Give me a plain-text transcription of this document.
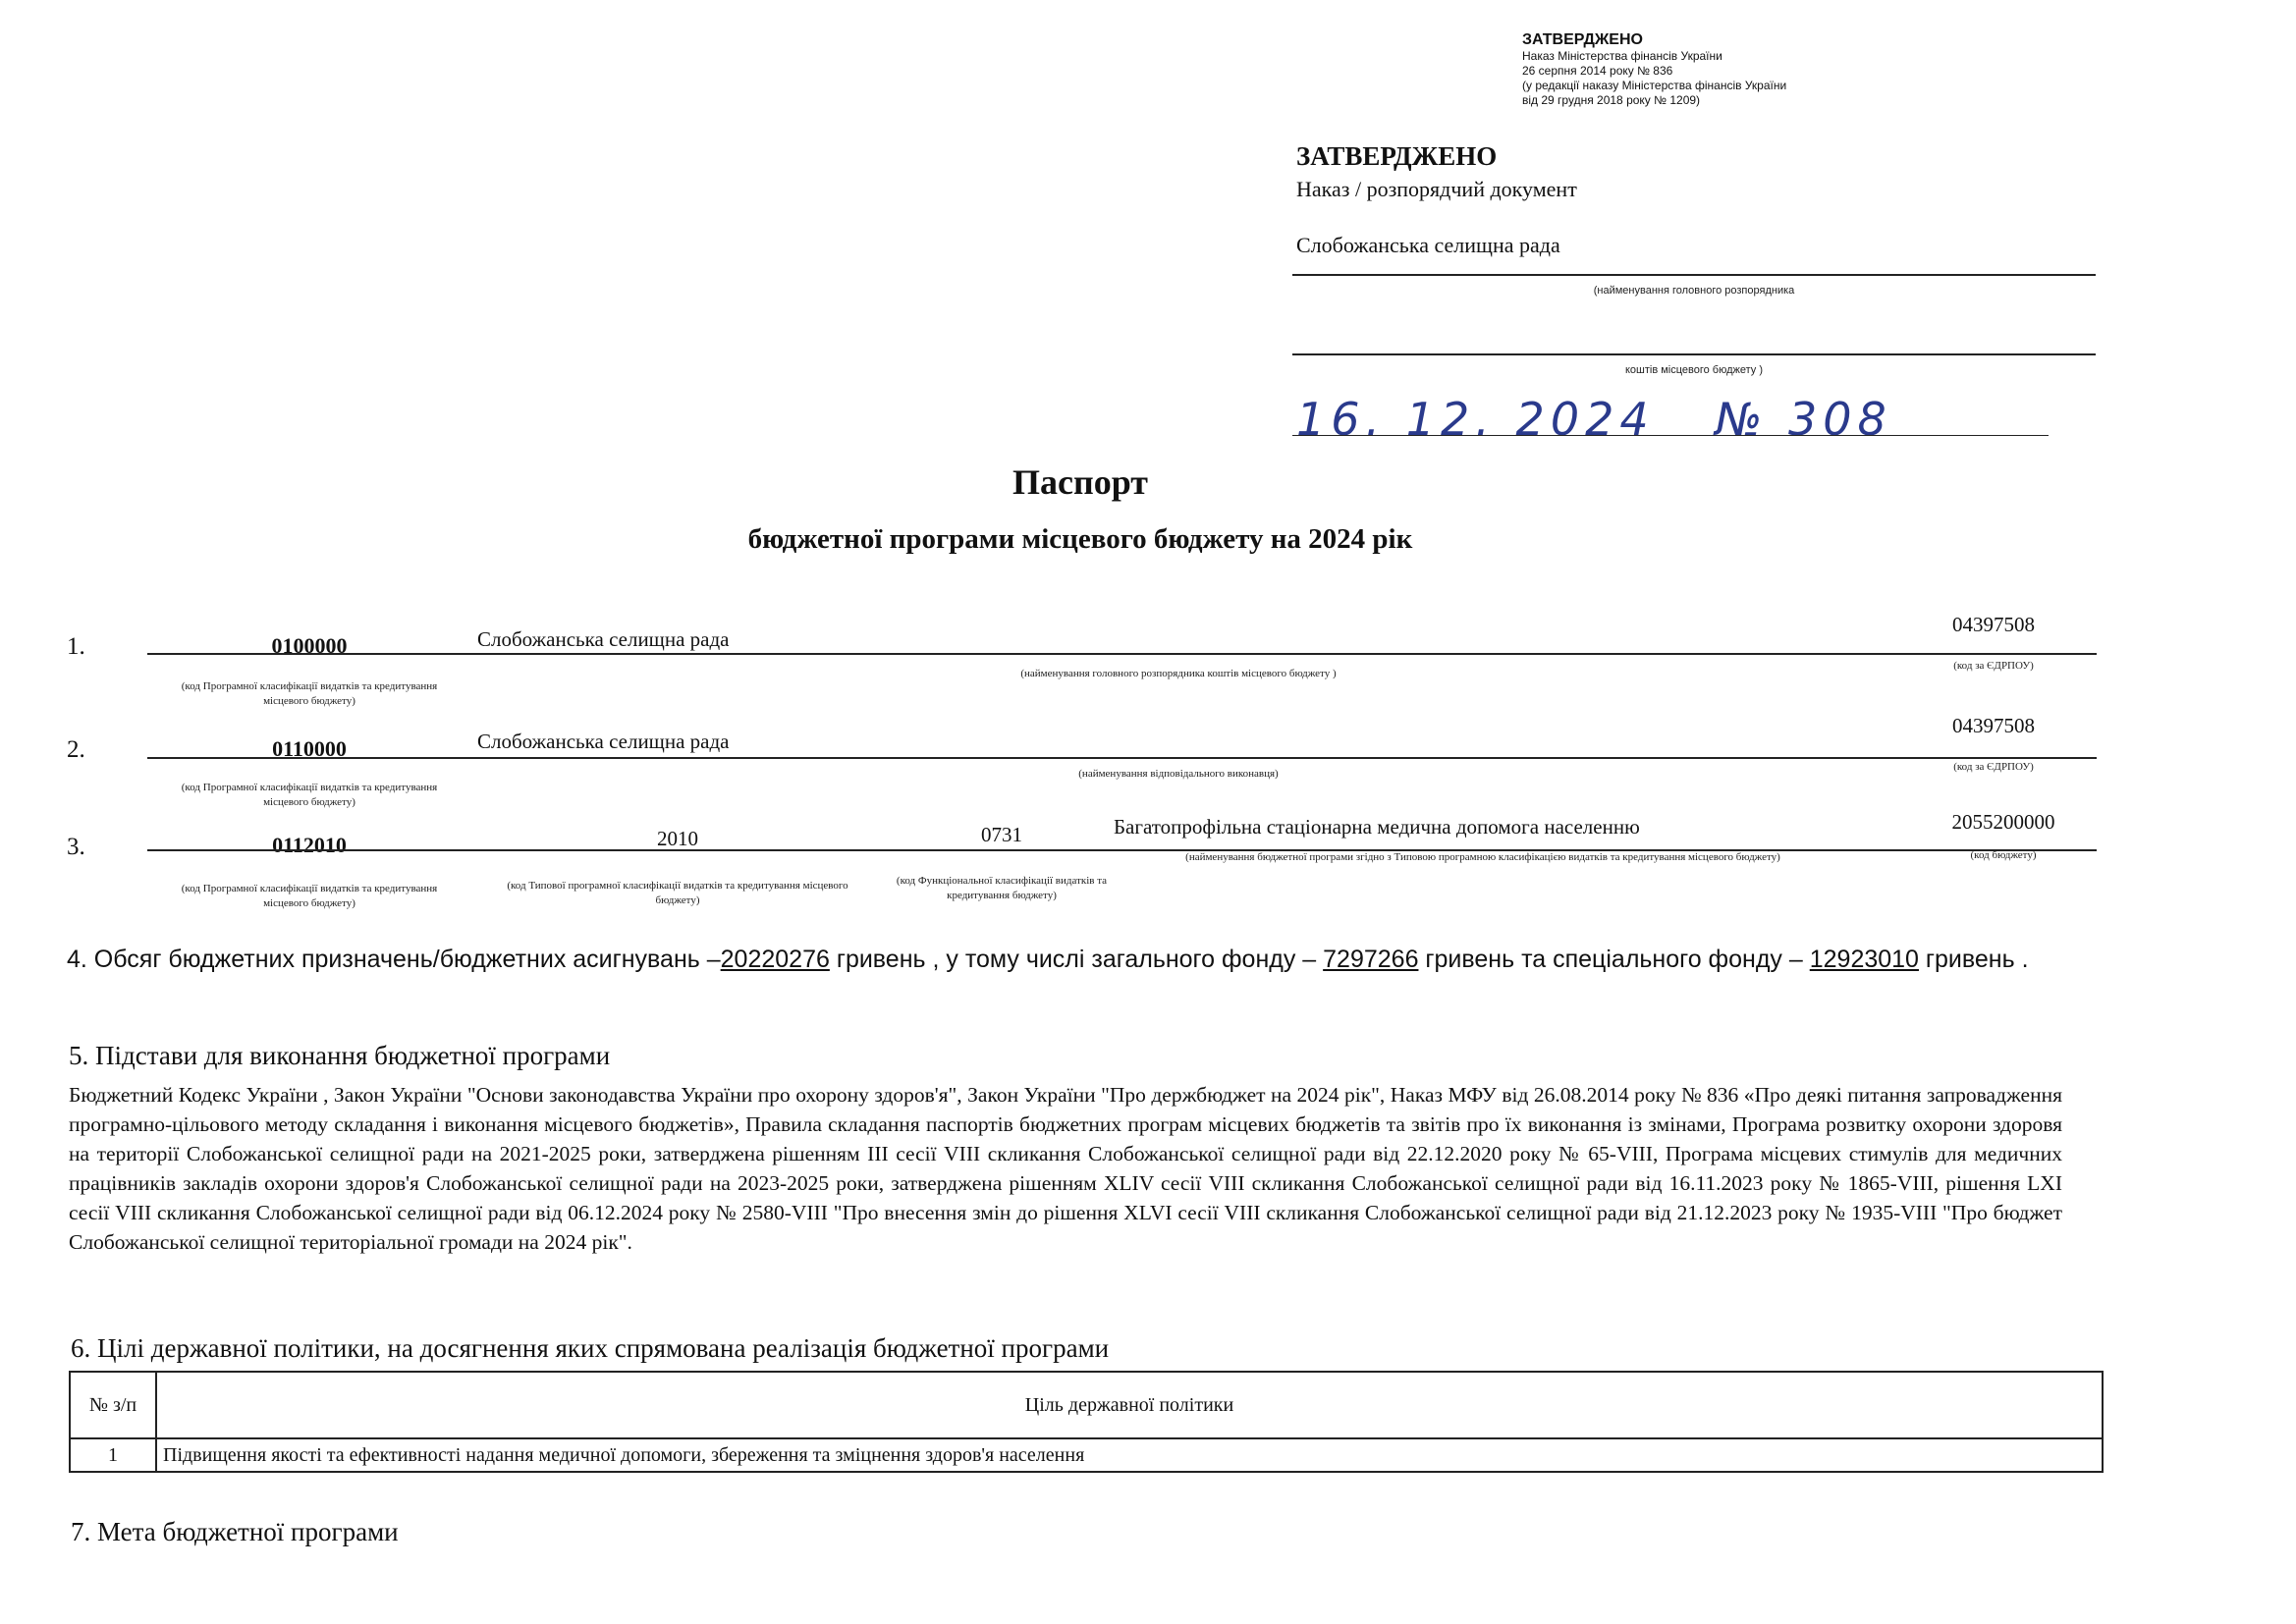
ЗАТВЕРДЖЕНО
Наказ Міністерства фінансів України
26 серпня 2014 року № 836
(у редакції наказу Міністерства фінансів України
від 29 грудня 2018 року № 1209)
ЗАТВЕРДЖЕНО
Наказ / розпорядчий документ
Слобожанська селищна рада
(найменування головного розпорядника
коштів місцевого бюджету )
16. 12. 2024   № 308
Паспорт
бюджетної програми місцевого бюджету на 2024 рік
1.	0100000	Слобожанська селищна рада
04397508
(код Програмної класифікації видатків та кредитування місцевого бюджету)
(найменування головного розпорядника коштів місцевого бюджету )
(код за ЄДРПОУ)
2.	0110000	Слобожанська селищна рада
04397508
(код Програмної класифікації видатків та кредитування місцевого бюджету)
(найменування відповідального виконавця)
(код за ЄДРПОУ)
3.	0112010	2010	0731	Багатопрофільна стаціонарна медична допомога населенню	2055200000
(код Програмної класифікації видатків та кредитування місцевого бюджету)
(код Типової програмної класифікації видатків та кредитування місцевого бюджету)
(код Функціональної класифікації видатків та кредитування бюджету)
(найменування бюджетної програми згідно з Типовою програмною класифікацією видатків та кредитування місцевого бюджету)	(код бюджету)
4. Обсяг бюджетних призначень/бюджетних асигнувань –20220276 гривень , у тому числі загального фонду – 7297266 гривень та спеціального фонду – 12923010 гривень .
5. Підстави для виконання бюджетної програми
Бюджетний Кодекс України , Закон України "Основи законодавства України про охорону здоров'я", Закон України "Про держбюджет на 2024 рік", Наказ МФУ від 26.08.2014 року № 836 «Про деякі питання запровадження програмно-цільового методу складання і виконання місцевого бюджетів», Правила складання паспортів бюджетних програм місцевих бюджетів та звітів про їх виконання із змінами, Програма розвитку охорони здоровя на території Слобожанської селищної ради на 2021-2025 роки, затверджена рішенням ІІІ сесії VIII скликання Слобожанської селищної ради від 22.12.2020 року № 65-VIII, Програма місцевих стимулів для медичних працівників закладів охорони здоров'я Слобожанської селищної ради на 2023-2025 роки, затверджена рішенням XLIV сесії VIII скликання Слобожанської селищної ради від 16.11.2023 року № 1865-VIII, рішення LXI сесії VIII скликання Слобожанської селищної ради від 06.12.2024 року № 2580-VIII "Про внесення змін до рішення XLVI сесії VIII скликання Слобожанської селищної ради від 21.12.2023 року № 1935-VIII "Про бюджет Слобожанської селищної територіальної громади на 2024 рік".
6. Цілі державної політики, на досягнення яких спрямована реалізація бюджетної програми
№ з/п	Ціль державної політики
1	Підвищення якості та ефективності надання медичної допомоги, збереження та зміцнення здоров'я населення
7. Мета бюджетної програми
